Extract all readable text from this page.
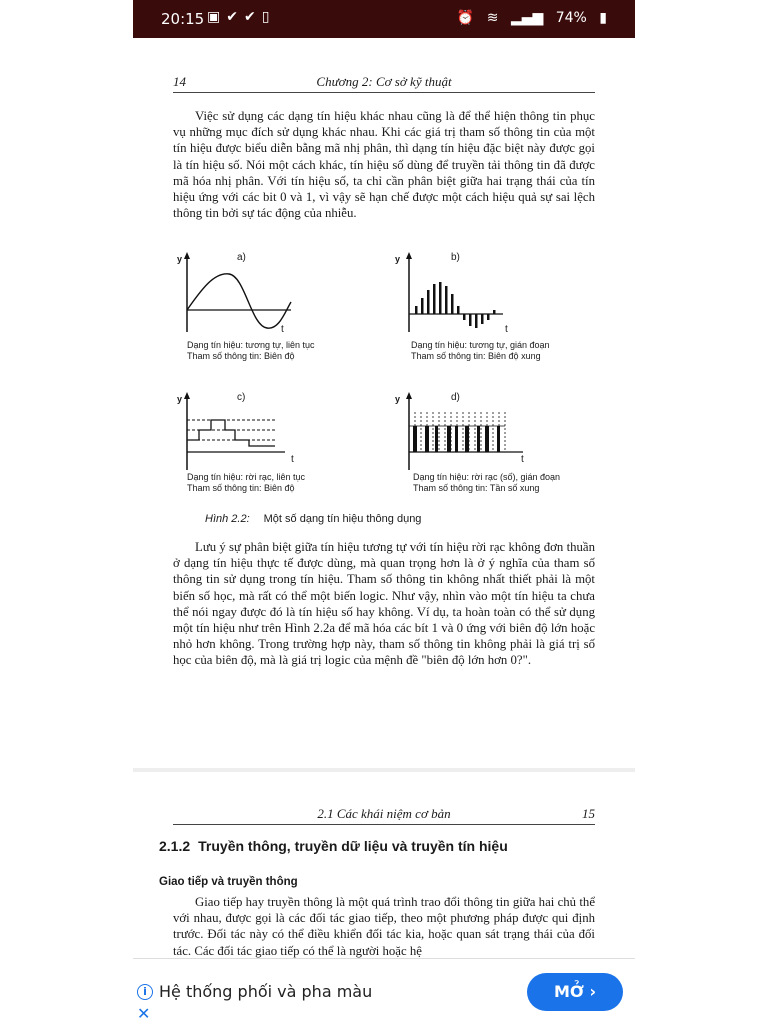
20:15 ▣✔✔▯	⏰ ≋ ▂▄▆ 74% ▮
14	Chương 2: Cơ sở kỹ thuật

Việc sử dụng các dạng tín hiệu khác nhau cũng là để thể hiện thông tin phục vụ những mục đích sử dụng khác nhau. Khi các giá trị tham số thông tin của một tín hiệu được biểu diễn bằng mã nhị phân, thì dạng tín hiệu đặc biệt này được gọi là tín hiệu số. Nói một cách khác, tín hiệu số dùng để truyền tải thông tin đã được mã hóa nhị phân. Với tín hiệu số, ta chỉ cần phân biệt giữa hai trạng thái của tín hiệu ứng với các bit 0 và 1, vì vậy sẽ hạn chế được một cách hiệu quả sự sai lệch thông tin bởi sự tác động của nhiễu.

y	a)
t
Dạng tín hiệu: tương tự, liên tục
Tham số thông tin: Biên độ
y	b)
t
Dạng tín hiệu: tương tự, gián đoạn
Tham số thông tin: Biên độ xung
y	c)
t
Dạng tín hiệu: rời rạc, liên tục
Tham số thông tin: Biên độ
y	d)
t
Dạng tín hiệu: rời rạc (số), gián đoạn
Tham số thông tin: Tần số xung
Hình 2.2: Một số dạng tín hiệu thông dụng

Lưu ý sự phân biệt giữa tín hiệu tương tự với tín hiệu rời rạc không đơn thuần ở dạng tín hiệu thực tế được dùng, mà quan trọng hơn là ở ý nghĩa của tham số thông tin sử dụng trong tín hiệu. Tham số thông tin không nhất thiết phải là một biến số học, mà rất có thể một biến logic. Như vậy, nhìn vào một tín hiệu ta chưa thể nói ngay được đó là tín hiệu số hay không. Ví dụ, ta hoàn toàn có thể sử dụng một tín hiệu như trên Hình 2.2a để mã hóa các bít 1 và 0 ứng với biên độ lớn hoặc nhỏ hơn không. Trong trường hợp này, tham số thông tin không phải là giá trị số học của biên độ, mà là giá trị logic của mệnh đề "biên độ lớn hơn 0?".

2.1 Các khái niệm cơ bản	15
2.1.2 Truyền thông, truyền dữ liệu và truyền tín hiệu
Giao tiếp và truyền thông

Giao tiếp hay truyền thông là một quá trình trao đổi thông tin giữa hai chủ thể với nhau, được gọi là các đối tác giao tiếp, theo một phương pháp được qui định trước. Đối tác này có thể điều khiển đối tác kia, hoặc quan sát trạng thái của đối tác. Các đối tác giao tiếp có thể là người hoặc hệ

i
✕
Hệ thống phối và pha màu	MỞ ›
